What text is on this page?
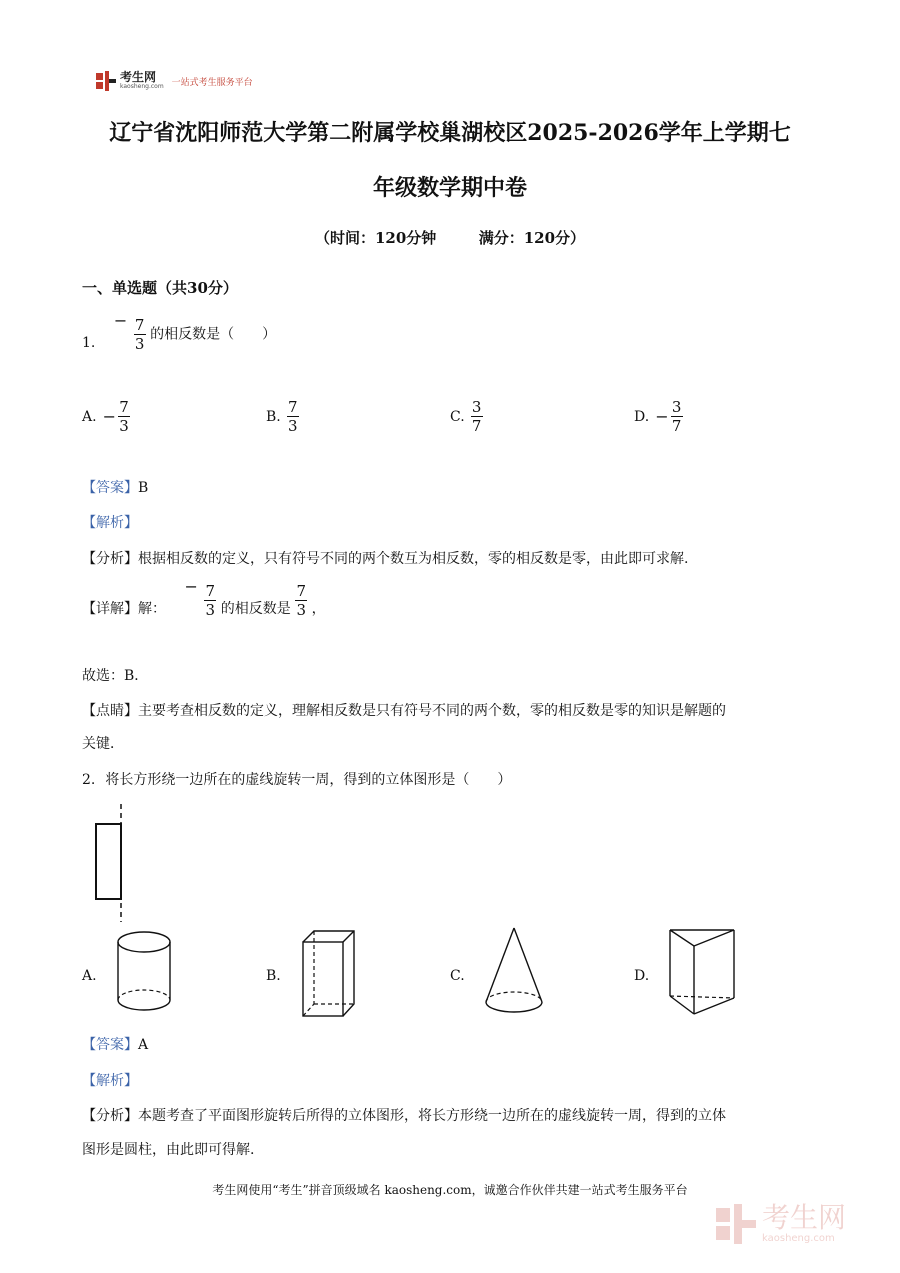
考生网
kaosheng.com 一站式考生服务平台
辽宁省沈阳师范大学第二附属学校巢湖校区2025-2026学年上学期七
年级数学期中卷
（时间：120分钟	满分：120分）
一、单选题（共30分）
1. − $\frac{7}{3}$ 的相反数是（　　）
A. − $\frac{7}{3}$	B. $\frac{7}{3}$	C. $\frac{3}{7}$	D. − $\frac{3}{7}$
【答案】B
【解析】
【分析】根据相反数的定义，只有符号不同的两个数互为相反数，零的相反数是零，由此即可求解.
【详解】解： − $\frac{7}{3}$ 的相反数是 $\frac{7}{3}$ ，
故选：B．
【点睛】主要考查相反数的定义，理解相反数是只有符号不同的两个数，零的相反数是零的知识是解题的
关键．
2. 将长方形绕一边所在的虚线旋转一周，得到的立体图形是（　　）
A.	B.	C.	D.
【答案】A
【解析】
【分析】本题考查了平面图形旋转后所得的立体图形，将长方形绕一边所在的虚线旋转一周，得到的立体
图形是圆柱，由此即可得解.
考生网使用“考生”拼音顶级域名 kaosheng.com，诚邀合作伙伴共建一站式考生服务平台
考生网
kaosheng.com
